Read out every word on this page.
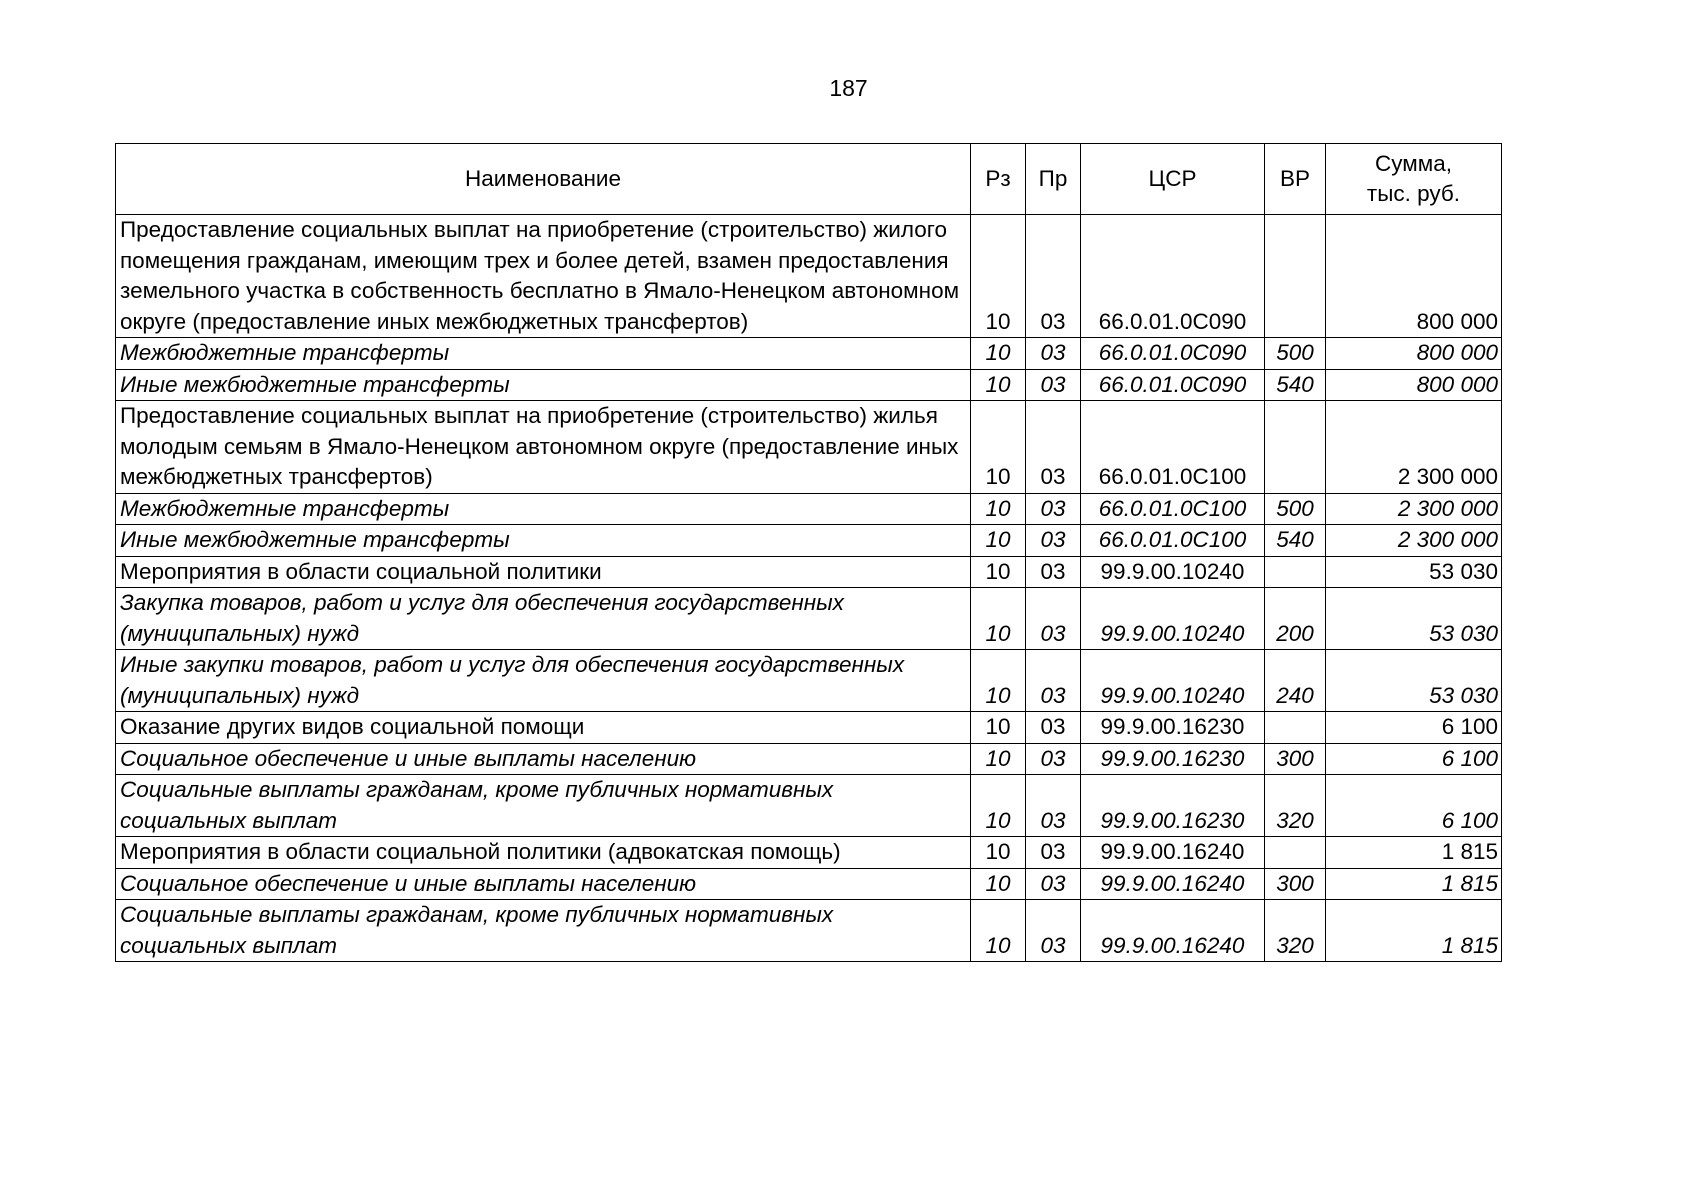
187
Наименование	Рз	Пр	ЦСР	ВР	Сумма,
тыс. руб.

Предоставление социальных выплат на приобретение (строительство) жилого помещения гражданам, имеющим трех и более детей, взамен предоставления земельного участка в собственность бесплатно в Ямало-Ненецком автономном округе (предоставление иных межбюджетных трансфертов)	10	03	66.0.01.0С090		800 000
Межбюджетные трансферты	10	03	66.0.01.0С090	500	800 000
Иные межбюджетные трансферты	10	03	66.0.01.0С090	540	800 000
Предоставление социальных выплат на приобретение (строительство) жилья молодым семьям в Ямало-Ненецком автономном округе (предоставление иных межбюджетных трансфертов)	10	03	66.0.01.0С100		2 300 000
Межбюджетные трансферты	10	03	66.0.01.0С100	500	2 300 000
Иные межбюджетные трансферты	10	03	66.0.01.0С100	540	2 300 000
Мероприятия в области социальной политики	10	03	99.9.00.10240		53 030
Закупка товаров, работ и услуг для обеспечения государственных (муниципальных) нужд	10	03	99.9.00.10240	200	53 030
Иные закупки товаров, работ и услуг для обеспечения государственных (муниципальных) нужд	10	03	99.9.00.10240	240	53 030
Оказание других видов социальной помощи	10	03	99.9.00.16230		6 100
Социальное обеспечение и иные выплаты населению	10	03	99.9.00.16230	300	6 100
Социальные выплаты гражданам, кроме публичных нормативных социальных выплат	10	03	99.9.00.16230	320	6 100
Мероприятия в области социальной политики (адвокатская помощь)	10	03	99.9.00.16240		1 815
Социальное обеспечение и иные выплаты населению	10	03	99.9.00.16240	300	1 815
Социальные выплаты гражданам, кроме публичных нормативных социальных выплат	10	03	99.9.00.16240	320	1 815
